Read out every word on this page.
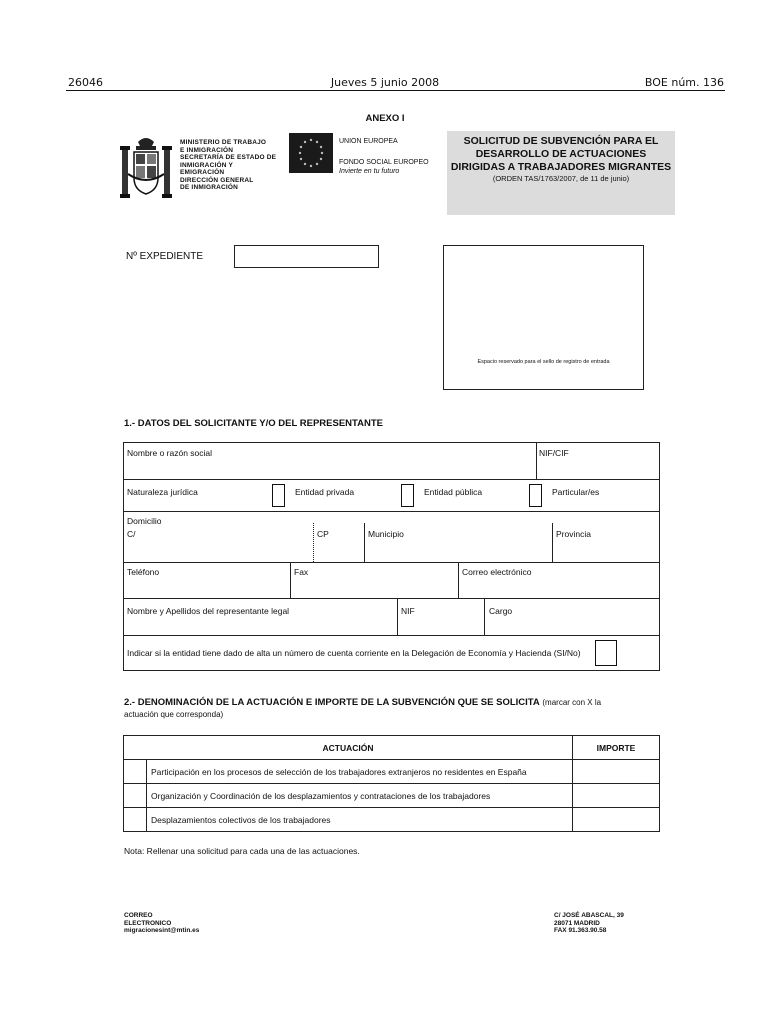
26046	Jueves 5 junio 2008	BOE núm. 136
ANEXO I
MINISTERIO DE TRABAJO
E INMIGRACIÓN
SECRETARÍA DE ESTADO DE
INMIGRACIÓN Y
EMIGRACIÓN
DIRECCIÓN GENERAL
DE INMIGRACIÓN
UNION EUROPEA
FONDO SOCIAL EUROPEO
Invierte en tu futuro
SOLICITUD DE SUBVENCIÓN PARA EL
DESARROLLO DE ACTUACIONES
DIRIGIDAS A TRABAJADORES MIGRANTES
(ORDEN TAS/1763/2007, de 11 de junio)
Nº EXPEDIENTE
Espacio reservado para el sello de registro de entrada
1.- DATOS DEL SOLICITANTE Y/O DEL REPRESENTANTE
Nombre o razón social	NIF/CIF
Naturaleza jurídica	Entidad privada	Entidad pública	Particular/es
Domicilio
C/	CP	Municipio	Provincia
Teléfono	Fax	Correo electrónico
Nombre y Apellidos del representante legal	NIF	Cargo
Indicar si la entidad tiene dado de alta un número de cuenta corriente en la Delegación de Economía y Hacienda (SI/No)
2.- DENOMINACIÓN DE LA ACTUACIÓN E IMPORTE DE LA SUBVENCIÓN QUE SE SOLICITA (marcar con X la
actuación que corresponda)
ACTUACIÓN		IMPORTE
	Participación en los procesos de selección de los trabajadores extranjeros no residentes en España	
	Organización y Coordinación de los desplazamientos y contrataciones de los trabajadores	
	Desplazamientos colectivos de los trabajadores	
Nota: Rellenar una solicitud para cada una de las actuaciones.
CORREO
ELECTRONICO
migracionesint@mtin.es
C/ JOSÉ ABASCAL, 39
28071 MADRID
FAX 91.363.90.58
